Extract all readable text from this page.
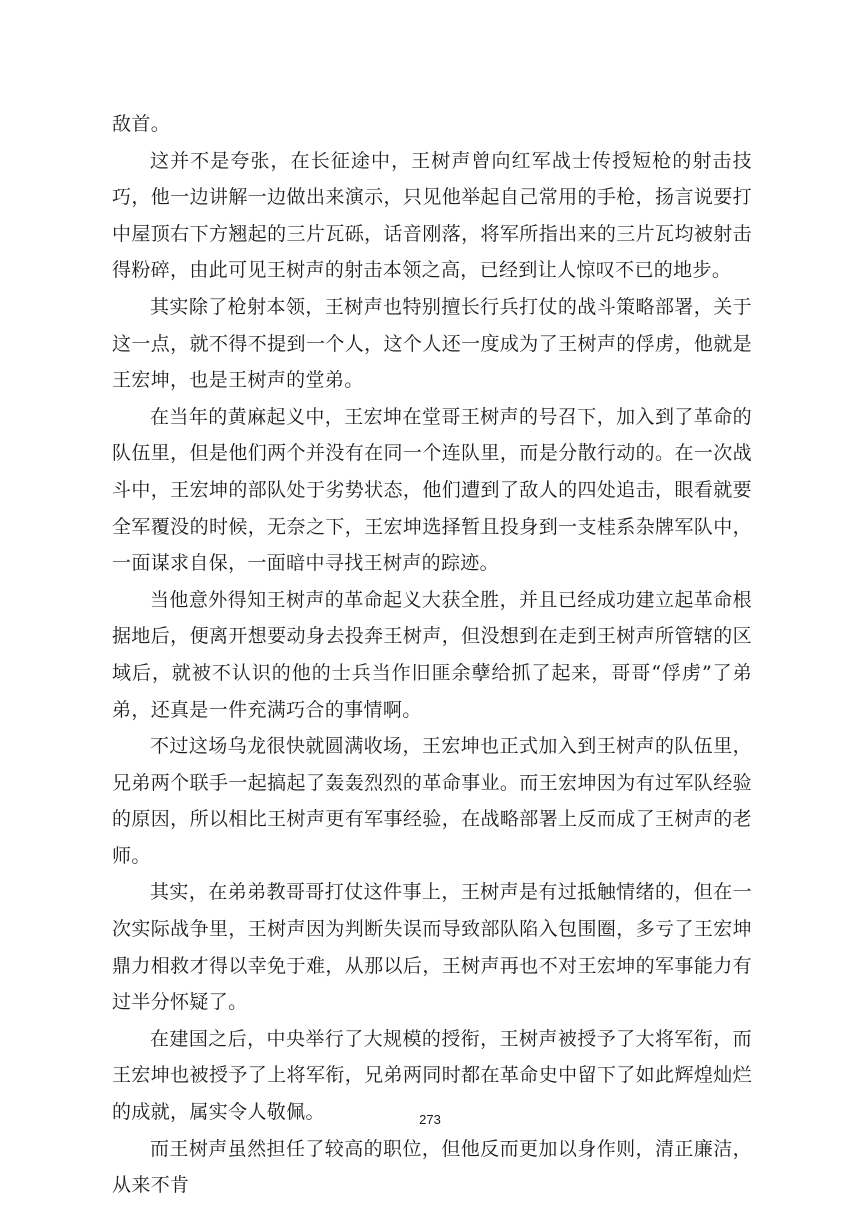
敌首。

这并不是夸张，在长征途中，王树声曾向红军战士传授短枪的射击技巧，他一边讲解一边做出来演示，只见他举起自己常用的手枪，扬言说要打中屋顶右下方翘起的三片瓦砾，话音刚落，将军所指出来的三片瓦均被射击得粉碎，由此可见王树声的射击本领之高，已经到让人惊叹不已的地步。

其实除了枪射本领，王树声也特别擅长行兵打仗的战斗策略部署，关于这一点，就不得不提到一个人，这个人还一度成为了王树声的俘虏，他就是王宏坤，也是王树声的堂弟。

在当年的黄麻起义中，王宏坤在堂哥王树声的号召下，加入到了革命的队伍里，但是他们两个并没有在同一个连队里，而是分散行动的。在一次战斗中，王宏坤的部队处于劣势状态，他们遭到了敌人的四处追击，眼看就要全军覆没的时候，无奈之下，王宏坤选择暂且投身到一支桂系杂牌军队中，一面谋求自保，一面暗中寻找王树声的踪迹。

当他意外得知王树声的革命起义大获全胜，并且已经成功建立起革命根据地后，便离开想要动身去投奔王树声，但没想到在走到王树声所管辖的区域后，就被不认识的他的士兵当作旧匪余孽给抓了起来，哥哥“俘虏”了弟弟，还真是一件充满巧合的事情啊。

不过这场乌龙很快就圆满收场，王宏坤也正式加入到王树声的队伍里，兄弟两个联手一起搞起了轰轰烈烈的革命事业。而王宏坤因为有过军队经验的原因，所以相比王树声更有军事经验，在战略部署上反而成了王树声的老师。

其实，在弟弟教哥哥打仗这件事上，王树声是有过抵触情绪的，但在一次实际战争里，王树声因为判断失误而导致部队陷入包围圈，多亏了王宏坤鼎力相救才得以幸免于难，从那以后，王树声再也不对王宏坤的军事能力有过半分怀疑了。

在建国之后，中央举行了大规模的授衔，王树声被授予了大将军衔，而王宏坤也被授予了上将军衔，兄弟两同时都在革命史中留下了如此辉煌灿烂的成就，属实令人敬佩。

而王树声虽然担任了较高的职位，但他反而更加以身作则，清正廉洁，从来不肯

273
